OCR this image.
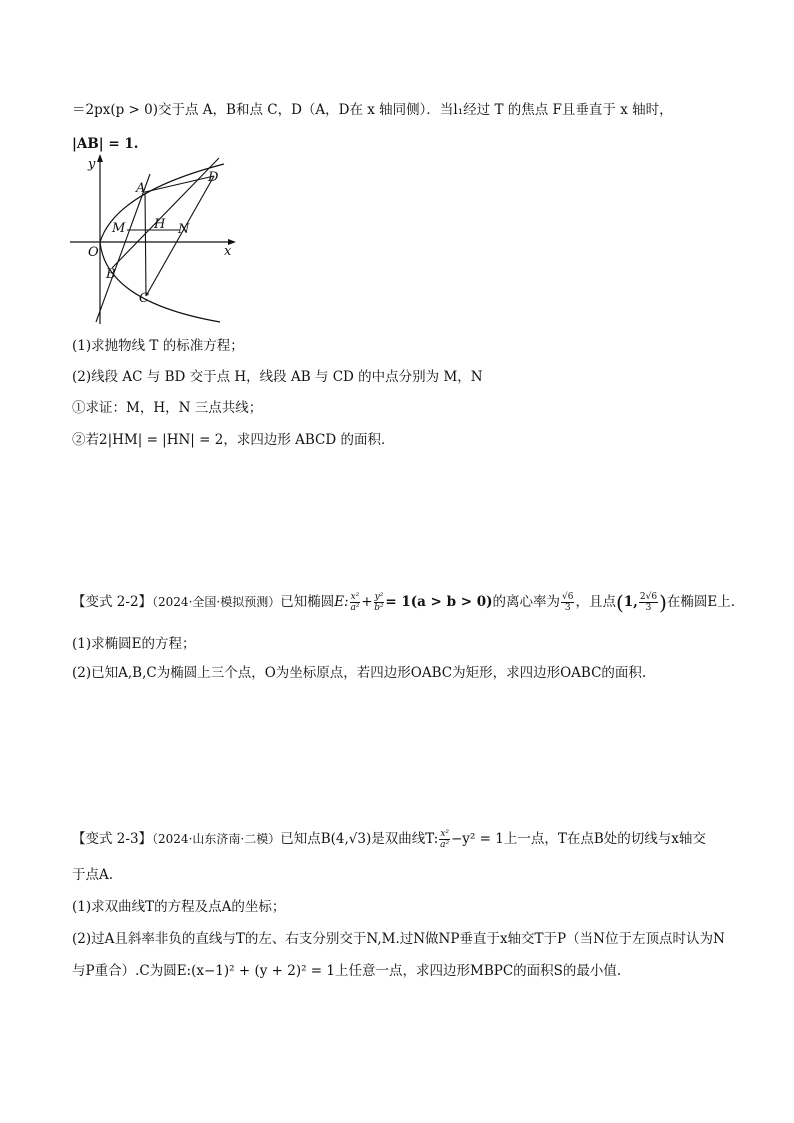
＝2px(p > 0)交于点 A，B和点 C，D（A，D在 x 轴同侧）．当l₁经过 T 的焦点 F且垂直于 x 轴时，
|AB| = 1.
y
x
O
A
B
C
D
M H N
(1)求抛物线 T 的标准方程；
(2)线段 AC 与 BD 交于点 H，线段 AB 与 CD 的中点分别为 M，N
①求证：M，H，N 三点共线；
②若2|HM| = |HN| = 2，求四边形 ABCD 的面积．
【变式 2-2】（2024·全国·模拟预测）已知椭圆E: $\frac{\text{x²}}{\text{a²}} + \frac{\text{y²}}{\text{b²}} = 1(a > b > 0)$的离心率为 $\frac{√6}{3}$ ，且点(1, $\frac{2√6}{3}$ )在椭圆E上.
(1)求椭圆E的方程；
(2)已知A,B,C为椭圆上三个点，O为坐标原点，若四边形OABC为矩形，求四边形OABC的面积.
【变式 2-3】（2024·山东济南·二模）已知点B(4,√3)是双曲线T: $\frac{\text{x²}}{\text{a²}} -y^2 = 1$上一点，T在点B处的切线与x轴交
于点A.
(1)求双曲线T的方程及点A的坐标；
(2)过A且斜率非负的直线与T的左、右支分别交于N,M.过N做NP垂直于x轴交T于P（当N位于左顶点时认为N
与P重合）.C为圆E:(x−1)² + (y + 2)² = 1上任意一点，求四边形MBPC的面积S的最小值.
